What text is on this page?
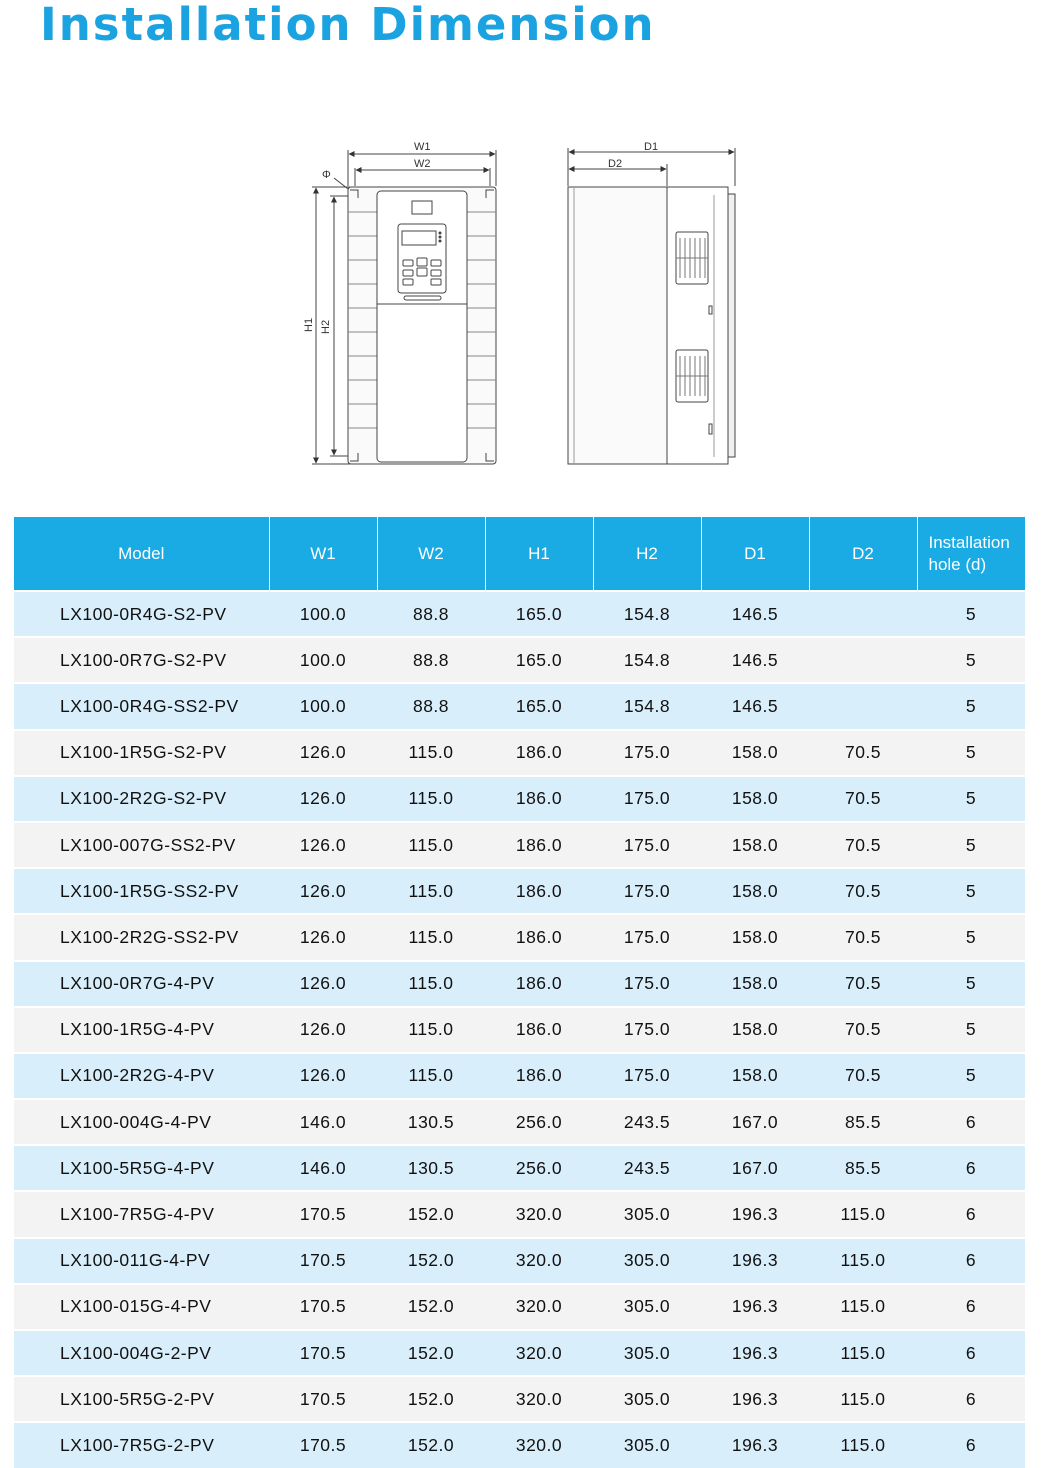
Installation Dimension
W1
W2
Φ
H1 H2
D1
D2
Model	W1	W2	H1	H2	D1	D2	Installation hole (d)
LX100-0R4G-S2-PV	100.0	88.8	165.0	154.8	146.5		5
LX100-0R7G-S2-PV	100.0	88.8	165.0	154.8	146.5		5
LX100-0R4G-SS2-PV	100.0	88.8	165.0	154.8	146.5		5
LX100-1R5G-S2-PV	126.0	115.0	186.0	175.0	158.0	70.5	5
LX100-2R2G-S2-PV	126.0	115.0	186.0	175.0	158.0	70.5	5
LX100-007G-SS2-PV	126.0	115.0	186.0	175.0	158.0	70.5	5
LX100-1R5G-SS2-PV	126.0	115.0	186.0	175.0	158.0	70.5	5
LX100-2R2G-SS2-PV	126.0	115.0	186.0	175.0	158.0	70.5	5
LX100-0R7G-4-PV	126.0	115.0	186.0	175.0	158.0	70.5	5
LX100-1R5G-4-PV	126.0	115.0	186.0	175.0	158.0	70.5	5
LX100-2R2G-4-PV	126.0	115.0	186.0	175.0	158.0	70.5	5
LX100-004G-4-PV	146.0	130.5	256.0	243.5	167.0	85.5	6
LX100-5R5G-4-PV	146.0	130.5	256.0	243.5	167.0	85.5	6
LX100-7R5G-4-PV	170.5	152.0	320.0	305.0	196.3	115.0	6
LX100-011G-4-PV	170.5	152.0	320.0	305.0	196.3	115.0	6
LX100-015G-4-PV	170.5	152.0	320.0	305.0	196.3	115.0	6
LX100-004G-2-PV	170.5	152.0	320.0	305.0	196.3	115.0	6
LX100-5R5G-2-PV	170.5	152.0	320.0	305.0	196.3	115.0	6
LX100-7R5G-2-PV	170.5	152.0	320.0	305.0	196.3	115.0	6
